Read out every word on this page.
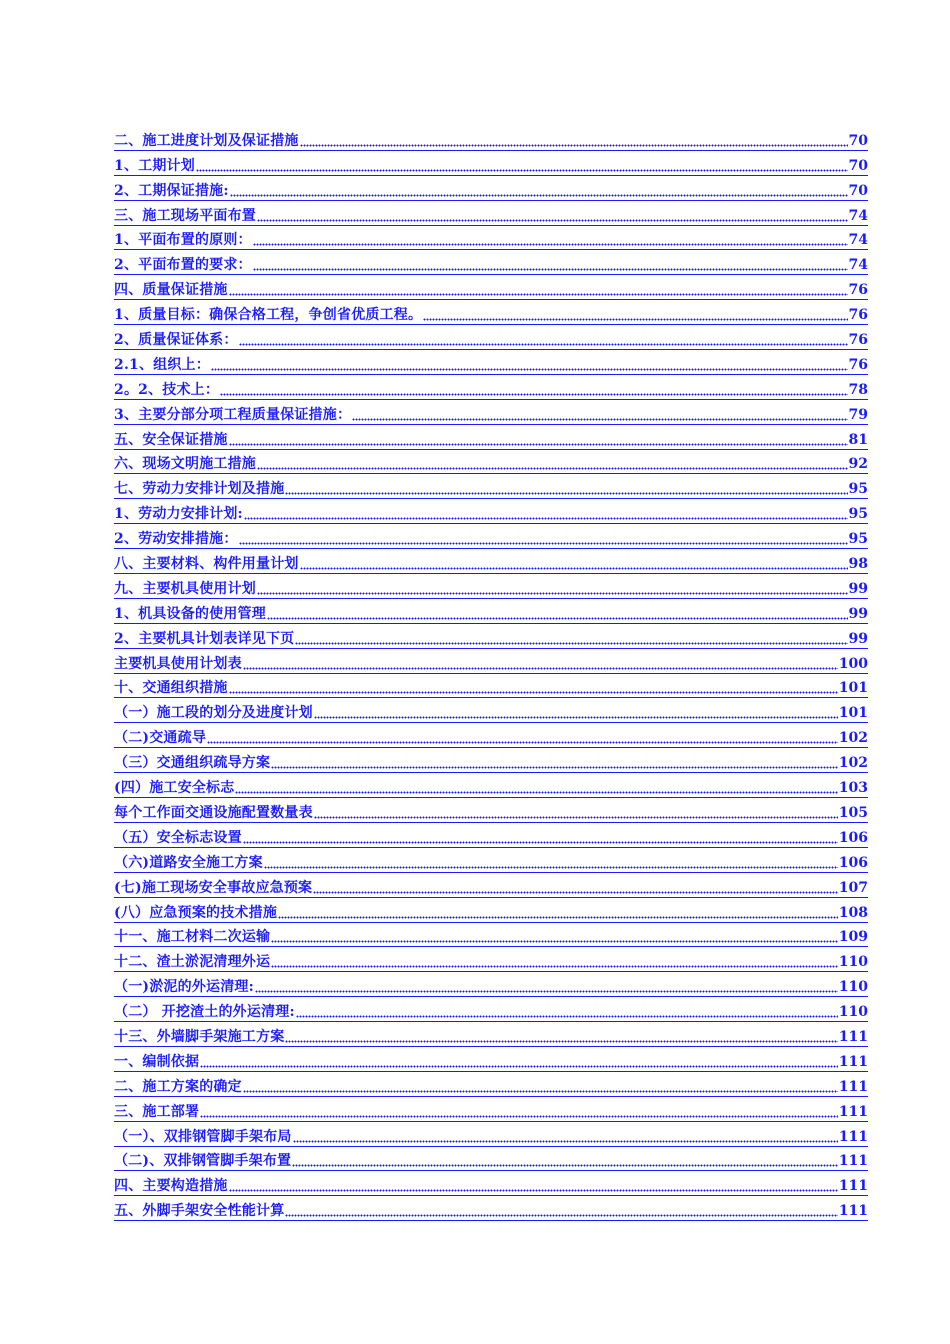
二、施工进度计划及保证措施	70
1、工期计划	70
2、工期保证措施:	70
三、施工现场平面布置	74
1、平面布置的原则：	74
2、平面布置的要求：	74
四、质量保证措施	76
1、质量目标：确保合格工程，争创省优质工程。	76
2、质量保证体系：	76
2.1、组织上：	76
2。2、技术上：	78
3、主要分部分项工程质量保证措施：	79
五、安全保证措施	81
六、现场文明施工措施	92
七、劳动力安排计划及措施	95
1、劳动力安排计划:	95
2、劳动安排措施：	95
八、主要材料、构件用量计划	98
九、主要机具使用计划	99
1、机具设备的使用管理	99
2、主要机具计划表详见下页	99
主要机具使用计划表	100
十、交通组织措施	101
（一）施工段的划分及进度计划	101
（二)交通疏导	102
（三）交通组织疏导方案	102
(四）施工安全标志	103
每个工作面交通设施配置数量表	105
（五）安全标志设置	106
（六)道路安全施工方案	106
(七)施工现场安全事故应急预案	107
(八）应急预案的技术措施	108
十一、施工材料二次运输	109
十二、渣土淤泥清理外运	110
（一)淤泥的外运清理:	110
（二） 开挖渣土的外运清理:	110
十三、外墙脚手架施工方案	111
一、编制依据	111
二、施工方案的确定	111
三、施工部署	111
（一）、双排钢管脚手架布局	111
（二)、双排钢管脚手架布置	111
四、主要构造措施	111
五、外脚手架安全性能计算	111
